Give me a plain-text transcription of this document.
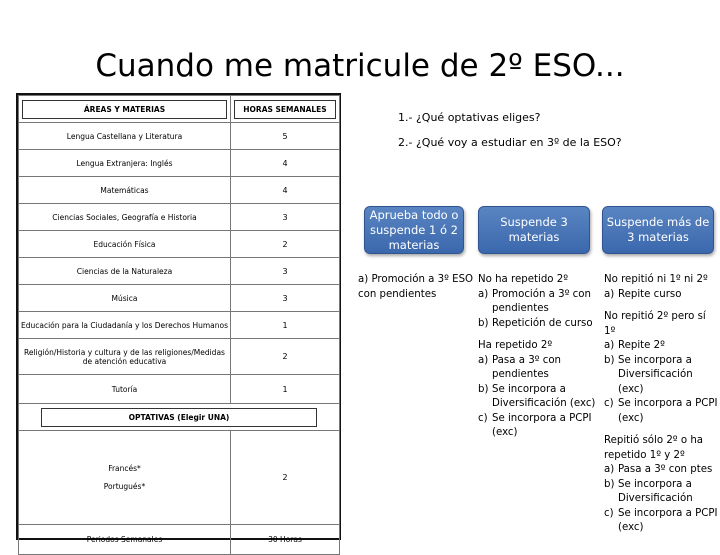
Cuando me matricule de 2º ESO...
ÁREAS Y MATERIAS	HORAS SEMANALES

Lengua Castellana y Literatura	5
Lengua Extranjera: Inglés	4
Matemáticas	4
Ciencias Sociales, Geografía e Historia	3
Educación Física	2
Ciencias de la Naturaleza	3
Música	3
Educación para la Ciudadanía y los Derechos Humanos	1
Religión/Historia y cultura y de las religiones/Medidas de atención educativa	2
Tutoría	1

OPTATIVAS (Elegir UNA)	

Francés*
Portugués*	2
Periodos Semanales	30 Horas
1.- ¿Qué optativas eliges?
2.- ¿Qué voy a estudiar en 3º de la ESO?
Aprueba todo o suspende 1 ó 2 materias
Suspende 3 materias
Suspende más de 3 materias
a) Promoción a 3º ESO con pendientes
No ha repetido 2º
a) Promoción a 3º con pendientes
b) Repetición de curso
Ha repetido 2º
a) Pasa a 3º con pendientes
b) Se incorpora a Diversificación (exc)
c) Se incorpora a PCPI (exc)
No repitió ni 1º ni 2º
a) Repite curso
No repitió 2º pero sí 1º
a) Repite 2º
b) Se incorpora a Diversificación (exc)
c) Se incorpora a PCPI (exc)
Repitió sólo 2º o ha repetido 1º y 2º
a) Pasa a 3º con ptes
b) Se incorpora a Diversificación
c) Se incorpora a PCPI (exc)
